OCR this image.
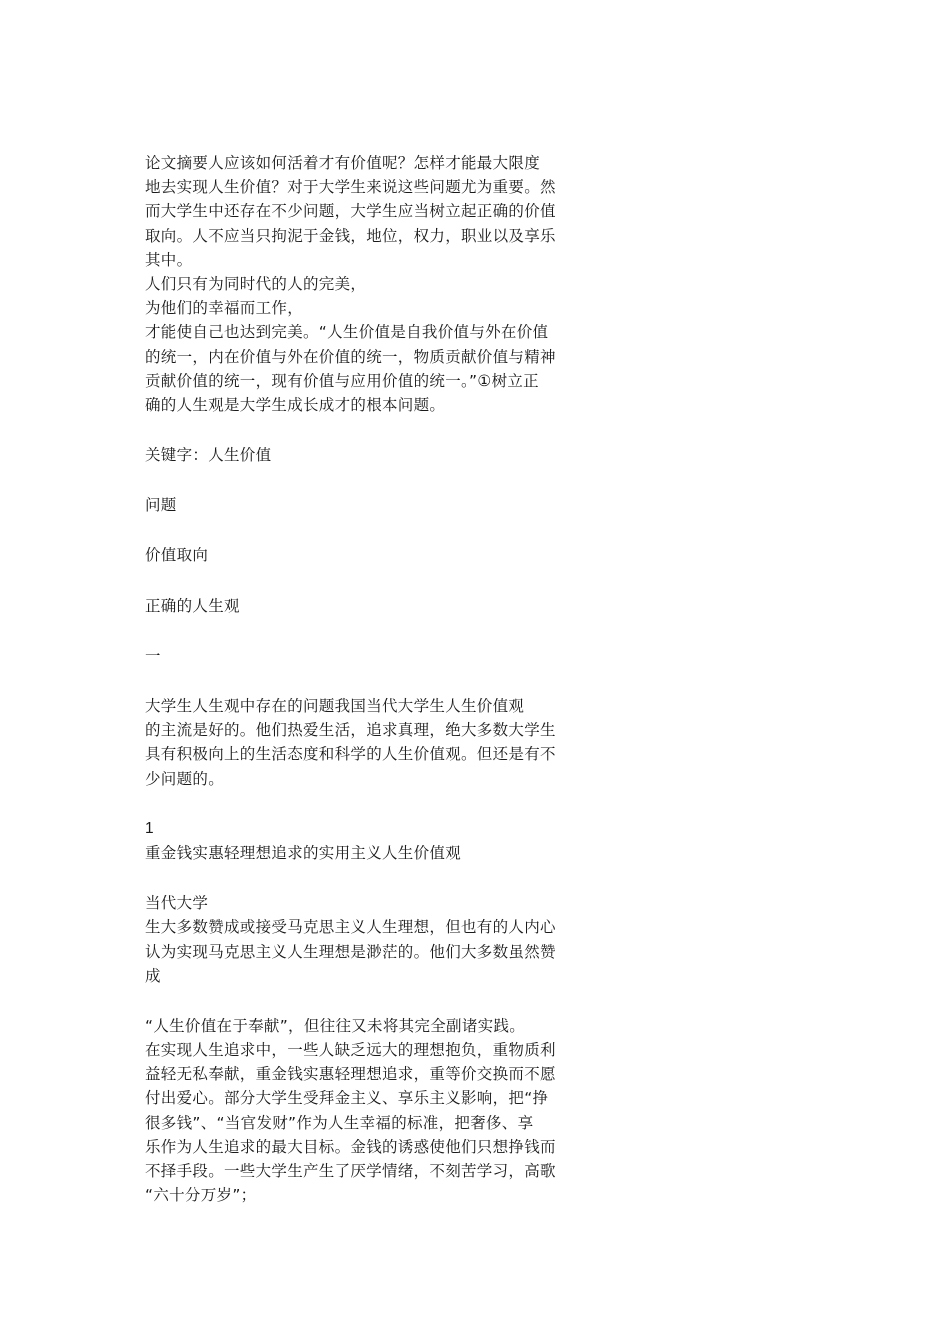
论文摘要人应该如何活着才有价值呢？怎样才能最大限度
地去实现人生价值？对于大学生来说这些问题尤为重要。然
而大学生中还存在不少问题，大学生应当树立起正确的价值
取向。人不应当只拘泥于金钱，地位，权力，职业以及享乐
其中。
人们只有为同时代的人的完美，
为他们的幸福而工作，
才能使自己也达到完美。“人生价值是自我价值与外在价值
的统一，内在价值与外在价值的统一，物质贡献价值与精神
贡献价值的统一，现有价值与应用价值的统一。”①树立正
确的人生观是大学生成长成才的根本问题。
关键字：人生价值
问题
价值取向
正确的人生观
一
大学生人生观中存在的问题我国当代大学生人生价值观
的主流是好的。他们热爱生活，追求真理，绝大多数大学生
具有积极向上的生活态度和科学的人生价值观。但还是有不
少问题的。
1
重金钱实惠轻理想追求的实用主义人生价值观
当代大学
生大多数赞成或接受马克思主义人生理想，但也有的人内心
认为实现马克思主义人生理想是渺茫的。他们大多数虽然赞
成
“人生价值在于奉献”，但往往又未将其完全副诸实践。
在实现人生追求中，一些人缺乏远大的理想抱负，重物质利
益轻无私奉献，重金钱实惠轻理想追求，重等价交换而不愿
付出爱心。部分大学生受拜金主义、享乐主义影响，把“挣
很多钱”、“当官发财”作为人生幸福的标准，把奢侈、享
乐作为人生追求的最大目标。金钱的诱惑使他们只想挣钱而
不择手段。一些大学生产生了厌学情绪，不刻苦学习，高歌
“六十分万岁”；
